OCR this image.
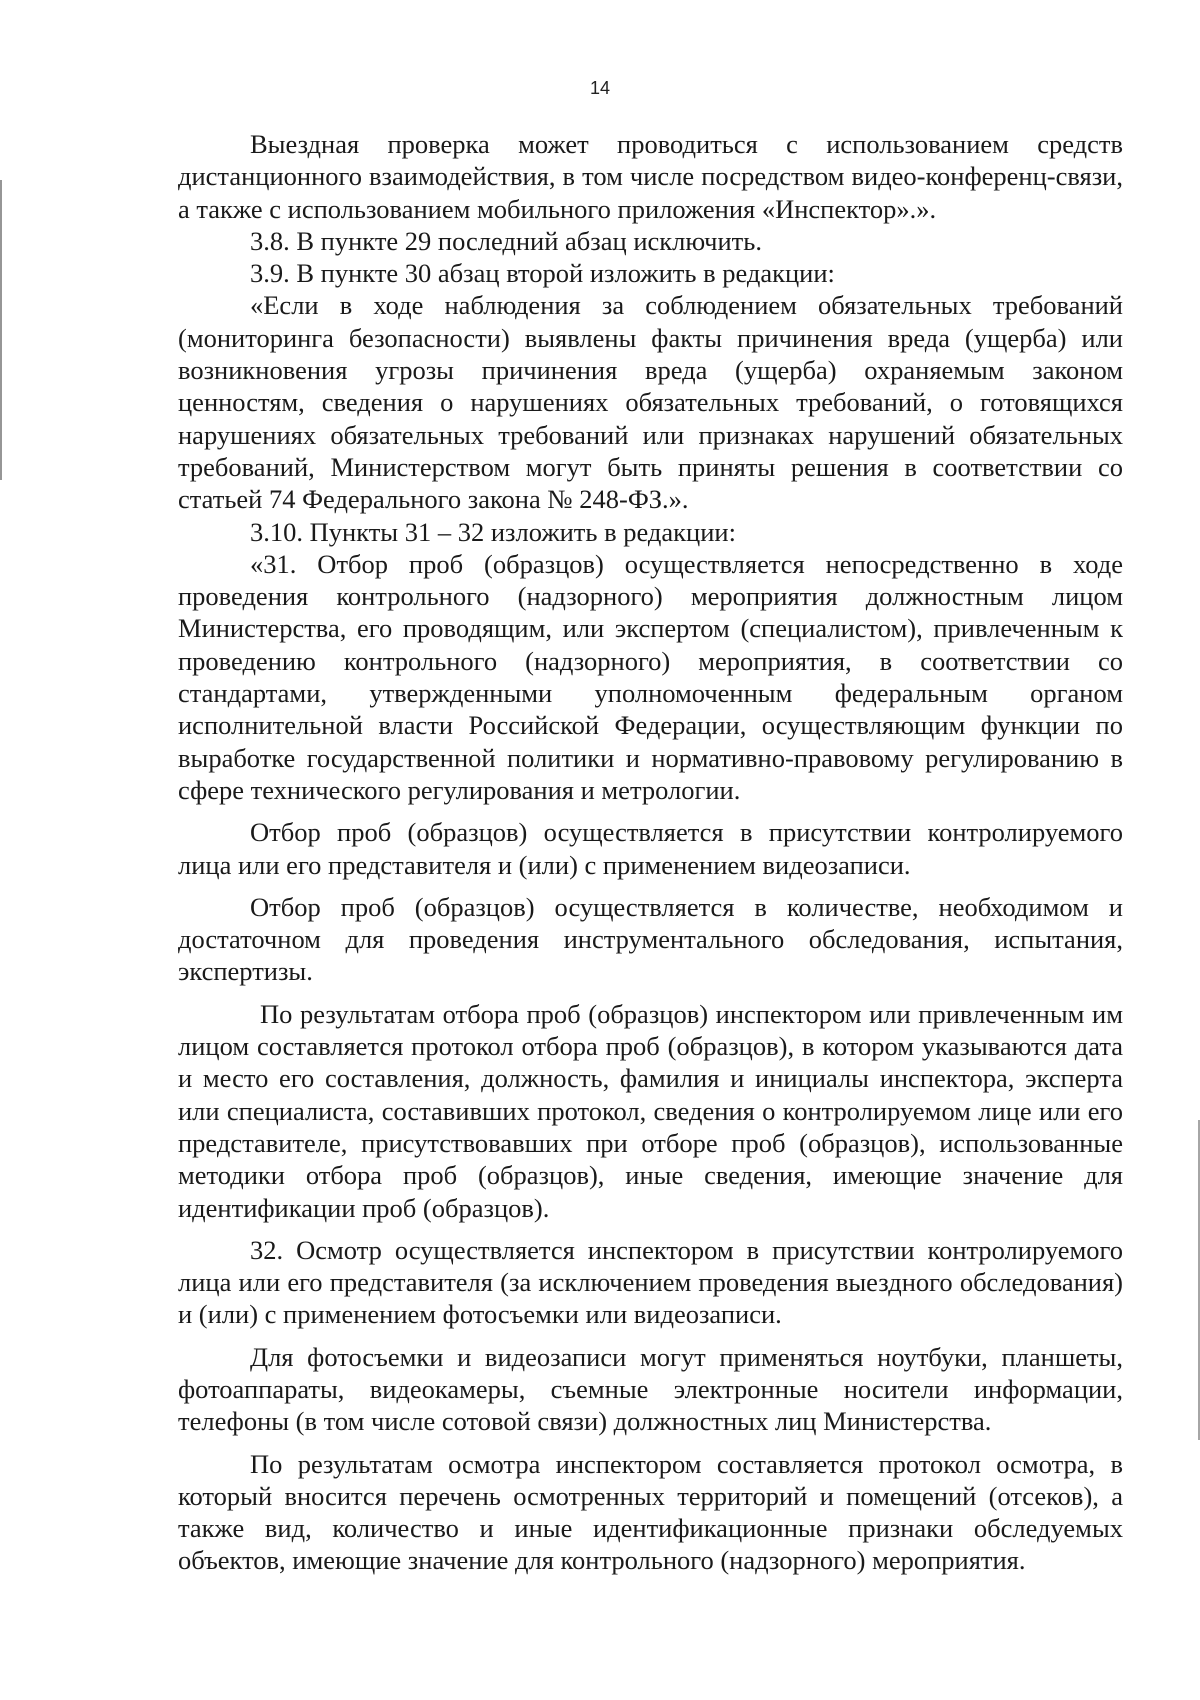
14

Выездная проверка может проводиться с использованием средств дистанционного взаимодействия, в том числе посредством видео-конференц-связи, а также с использованием мобильного приложения «Инспектор».».

3.8. В пункте 29 последний абзац исключить.

3.9. В пункте 30 абзац второй изложить в редакции:

«Если в ходе наблюдения за соблюдением обязательных требований (мониторинга безопасности) выявлены факты причинения вреда (ущерба) или возникновения угрозы причинения вреда (ущерба) охраняемым законом ценностям, сведения о нарушениях обязательных требований, о готовящихся нарушениях обязательных требований или признаках нарушений обязательных требований, Министерством могут быть приняты решения в соответствии со статьей 74 Федерального закона № 248-ФЗ.».

3.10. Пункты 31 – 32 изложить в редакции:

«31. Отбор проб (образцов) осуществляется непосредственно в ходе проведения контрольного (надзорного) мероприятия должностным лицом Министерства, его проводящим, или экспертом (специалистом), привлеченным к проведению контрольного (надзорного) мероприятия, в соответствии со стандартами, утвержденными уполномоченным федеральным органом исполнительной власти Российской Федерации, осуществляющим функции по выработке государственной политики и нормативно-правовому регулированию в сфере технического регулирования и метрологии.

Отбор проб (образцов) осуществляется в присутствии контролируемого лица или его представителя и (или) с применением видеозаписи.

Отбор проб (образцов) осуществляется в количестве, необходимом и достаточном для проведения инструментального обследования, испытания, экспертизы.

По результатам отбора проб (образцов) инспектором или привлеченным им лицом составляется протокол отбора проб (образцов), в котором указываются дата и место его составления, должность, фамилия и инициалы инспектора, эксперта или специалиста, составивших протокол, сведения о контролируемом лице или его представителе, присутствовавших при отборе проб (образцов), использованные методики отбора проб (образцов), иные сведения, имеющие значение для идентификации проб (образцов).

32. Осмотр осуществляется инспектором в присутствии контролируемого лица или его представителя (за исключением проведения выездного обследования) и (или) с применением фотосъемки или видеозаписи.

Для фотосъемки и видеозаписи могут применяться ноутбуки, планшеты, фотоаппараты, видеокамеры, съемные электронные носители информации, телефоны (в том числе сотовой связи) должностных лиц Министерства.

По результатам осмотра инспектором составляется протокол осмотра, в который вносится перечень осмотренных территорий и помещений (отсеков), а также вид, количество и иные идентификационные признаки обследуемых объектов, имеющие значение для контрольного (надзорного) мероприятия.
